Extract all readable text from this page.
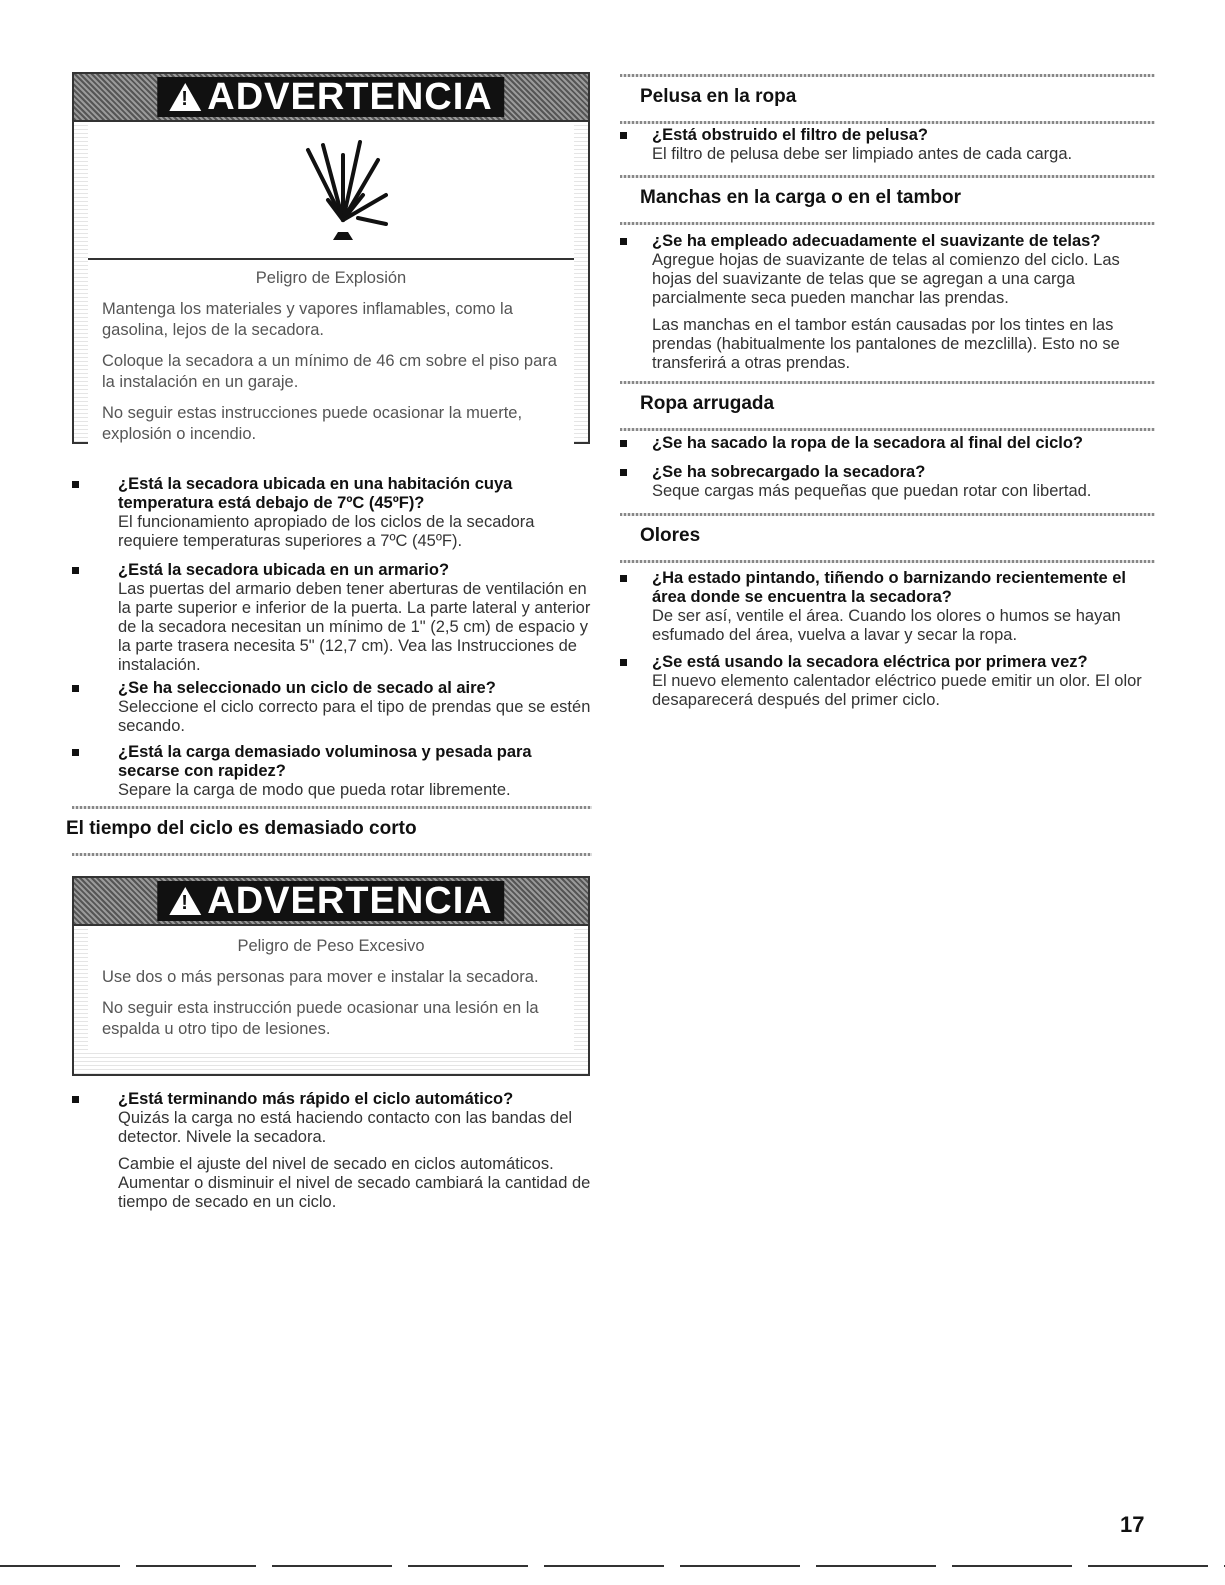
!
ADVERTENCIA
Peligro de Explosión

Mantenga los materiales y vapores inflamables, como la gasolina, lejos de la secadora.

Coloque la secadora a un mínimo de 46 cm sobre el piso para la instalación en un garaje.

No seguir estas instrucciones puede ocasionar la muerte, explosión o incendio.

¿Está la secadora ubicada en una habitación cuya temperatura está debajo de 7ºC (45ºF)?
El funcionamiento apropiado de los ciclos de la secadora requiere temperaturas superiores a 7ºC (45ºF).
¿Está la secadora ubicada en un armario?
Las puertas del armario deben tener aberturas de ventilación en la parte superior e inferior de la puerta. La parte lateral y anterior de la secadora necesitan un mínimo de 1" (2,5 cm) de espacio y la parte trasera necesita 5" (12,7 cm). Vea las Instrucciones de instalación.
¿Se ha seleccionado un ciclo de secado al aire?
Seleccione el ciclo correcto para el tipo de prendas que se estén secando.
¿Está la carga demasiado voluminosa y pesada para secarse con rapidez?
Separe la carga de modo que pueda rotar libremente.
El tiempo del ciclo es demasiado corto
!
ADVERTENCIA
Peligro de Peso Excesivo

Use dos o más personas para mover e instalar la secadora.

No seguir esta instrucción puede ocasionar una lesión en la espalda u otro tipo de lesiones.

¿Está terminando más rápido el ciclo automático?
Quizás la carga no está haciendo contacto con las bandas del detector. Nivele la secadora.
Cambie el ajuste del nivel de secado en ciclos automáticos. Aumentar o disminuir el nivel de secado cambiará la cantidad de tiempo de secado en un ciclo.
Pelusa en la ropa
¿Está obstruido el filtro de pelusa?
El filtro de pelusa debe ser limpiado antes de cada carga.
Manchas en la carga o en el tambor
¿Se ha empleado adecuadamente el suavizante de telas?
Agregue hojas de suavizante de telas al comienzo del ciclo. Las hojas del suavizante de telas que se agregan a una carga parcialmente seca pueden manchar las prendas.
Las manchas en el tambor están causadas por los tintes en las prendas (habitualmente los pantalones de mezclilla). Esto no se transferirá a otras prendas.
Ropa arrugada
¿Se ha sacado la ropa de la secadora al final del ciclo?
¿Se ha sobrecargado la secadora?
Seque cargas más pequeñas que puedan rotar con libertad.
Olores
¿Ha estado pintando, tiñendo o barnizando recientemente el área donde se encuentra la secadora?
De ser así, ventile el área. Cuando los olores o humos se hayan esfumado del área, vuelva a lavar y secar la ropa.
¿Se está usando la secadora eléctrica por primera vez?
El nuevo elemento calentador eléctrico puede emitir un olor. El olor desaparecerá después del primer ciclo.
17
